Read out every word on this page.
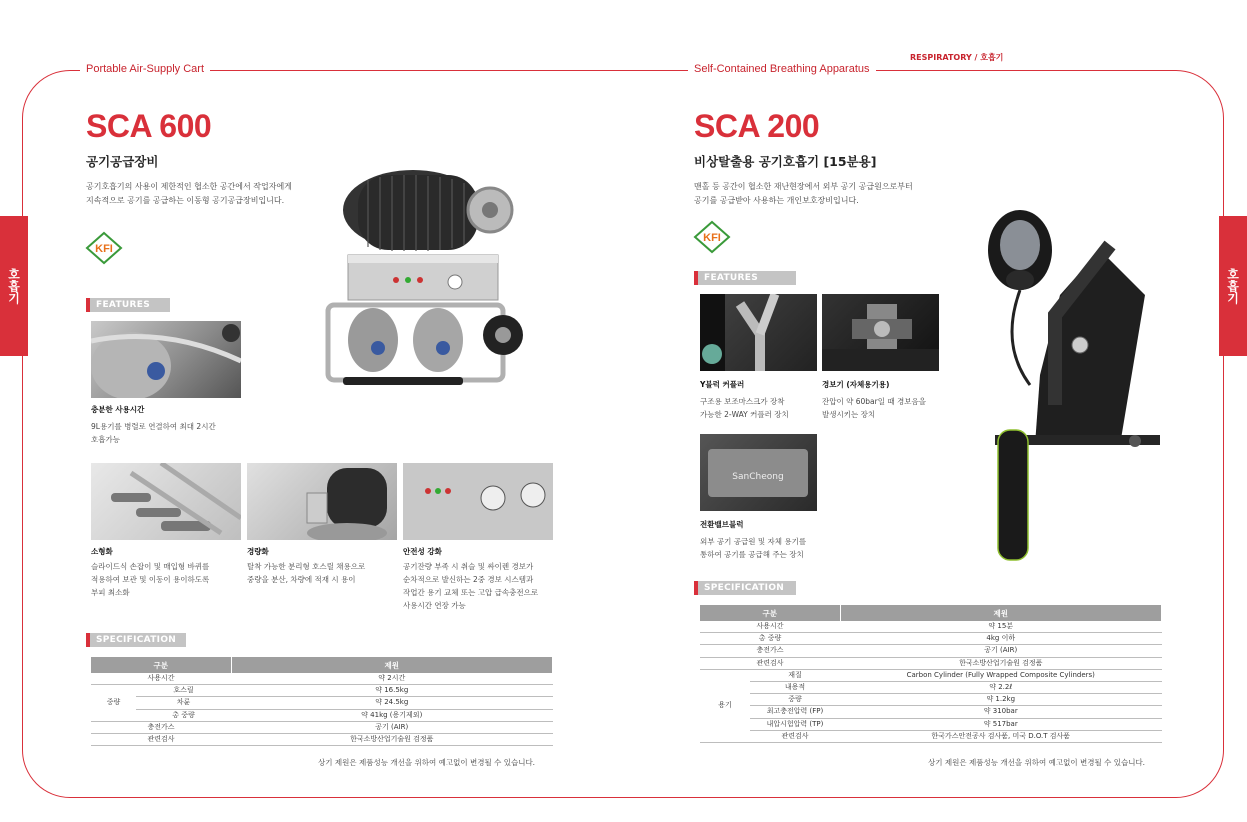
Portable Air-Supply Cart	Self-Contained Breathing Apparatus
RESPIRATORY / 호흡기
호흡기	호흡기
SCA 600
공기공급장비
공기호흡기의 사용이 제한적인 협소한 공간에서 작업자에게
지속적으로 공기를 공급하는 이동형 공기공급장비입니다.
KFI
FEATURES
충분한 사용시간
9L용기를 병렬로 연결하여 최대 2시간
호흡가능
소형화
슬라이드식 손잡이 및 매입형 바퀴를
적용하여 보관 및 이동이 용이하도록
부피 최소화
경량화
탈착 가능한 분리형 호스릴 채용으로
중량을 분산, 차량에 적재 시 용이
안전성 강화
공기잔량 부족 시 취슬 및 싸이렌 경보가
순차적으로 발신하는 2중 경보 시스템과
작업간 용기 교체 또는 고압 급속충전으로
사용시간 연장 가능
SPECIFICATION
구분		제원
사용시간		약 2시간
중량	호스릴	약 16.5kg
	차륜	약 24.5kg
	총 중량	약 41kg (용기제외)
충전가스		공기 (AIR)
관련검사		한국소방산업기술원 검정품
상기 제원은 제품성능 개선을 위하여 예고없이 변경될 수 있습니다.
SCA 200
비상탈출용 공기호흡기 [15분용]
맨홀 등 공간이 협소한 재난현장에서 외부 공기 공급원으로부터
공기를 공급받아 사용하는 개인보호장비입니다.
KFI
FEATURES
Y블럭 커플러
구조용 보조마스크가 장착
가능한 2-WAY 커플러 장치
경보기 (자체용기용)
잔압이 약 60bar일 때 경보음을
발생시키는 장치
SanCheong
전환밸브블럭
외부 공기 공급원 및 자체 용기를
통하여 공기를 공급해 주는 장치
SPECIFICATION
구분		제원
사용시간		약 15분
총 중량		4kg 이하
충전가스		공기 (AIR)
관련검사		한국소방산업기술원 검정품
용기	재질	Carbon Cylinder (Fully Wrapped Composite Cylinders)
	내용적	약 2.2ℓ
	중량	약 1.2kg
	최고충전압력 (FP)	약 310bar
	내압시험압력 (TP)	약 517bar
	관련검사	한국가스안전공사 검사품, 미국 D.O.T 검사품
상기 제원은 제품성능 개선을 위하여 예고없이 변경될 수 있습니다.
